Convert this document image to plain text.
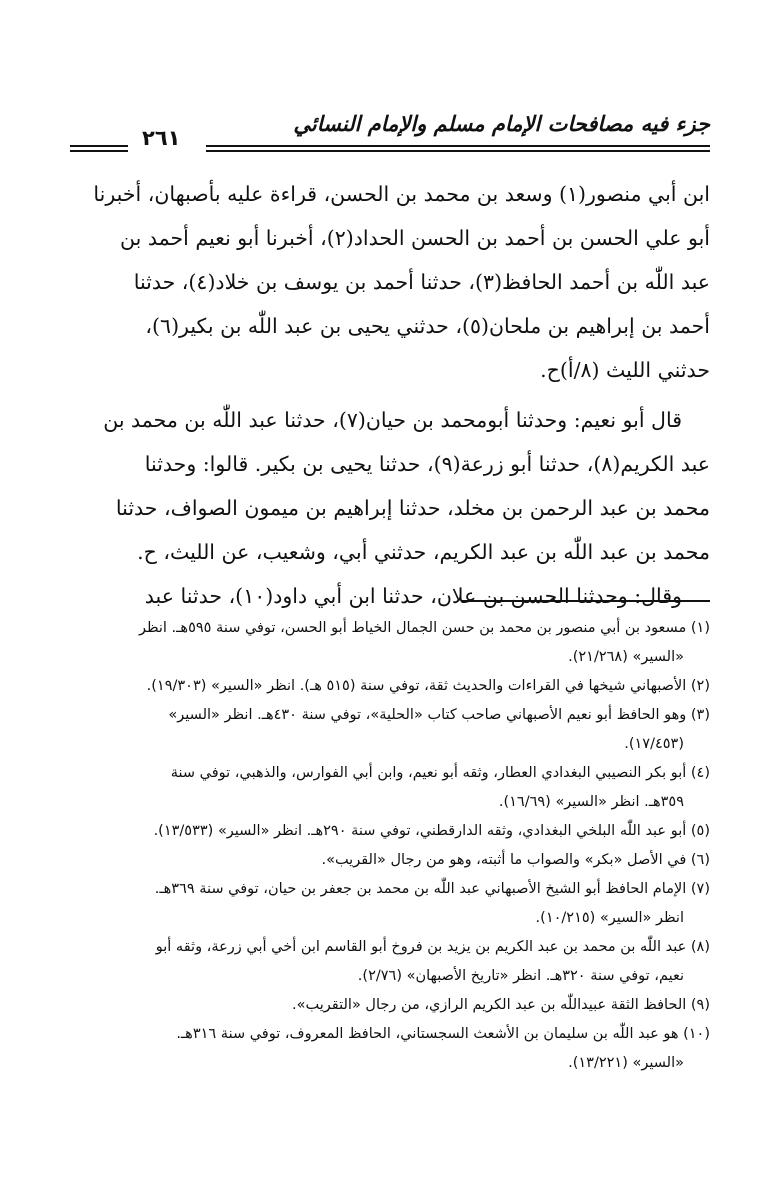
جزء فيه مصافحات الإمام مسلم والإمام النسائي
٢٦١
ابن أبي منصور(١) وسعد بن محمد بن الحسن، قراءة عليه بأصبهان، أخبرنا
أبو علي الحسن بن أحمد بن الحسن الحداد(٢)، أخبرنا أبو نعيم أحمد بن
عبد اللّٰه بن أحمد الحافظ(٣)، حدثنا أحمد بن يوسف بن خلاد(٤)، حدثنا
أحمد بن إبراهيم بن ملحان(٥)، حدثني يحيى بن عبد اللّٰه بن بكير(٦)،
حدثني الليث (٨/أ)ح.
قال أبو نعيم: وحدثنا أبومحمد بن حيان(٧)، حدثنا عبد اللّٰه بن محمد بن
عبد الكريم(٨)، حدثنا أبو زرعة(٩)، حدثنا يحيى بن بكير. قالوا: وحدثنا
محمد بن عبد الرحمن بن مخلد، حدثنا إبراهيم بن ميمون الصواف، حدثنا
محمد بن عبد اللّٰه بن عبد الكريم، حدثني أبي، وشعيب، عن الليث، ح.
وقال: وحدثنا الحسن بن علان، حدثنا ابن أبي داود(١٠)، حدثنا عبد
(١) مسعود بن أبي منصور بن محمد بن حسن الجمال الخياط أبو الحسن، توفي سنة ٥٩٥هـ. انظر
«السير» (٢١/٢٦٨).
(٢) الأصبهاني شيخها في القراءات والحديث ثقة، توفي سنة (٥١٥ هـ). انظر «السير» (١٩/٣٠٣).
(٣) وهو الحافظ أبو نعيم الأصبهاني صاحب كتاب «الحلية»، توفي سنة ٤٣٠هـ. انظر «السير»
(١٧/٤٥٣).
(٤) أبو بكر النصيبي البغدادي العطار، وثقه أبو نعيم، وابن أبي الفوارس، والذهبي، توفي سنة
٣٥٩هـ. انظر «السير» (١٦/٦٩).
(٥) أبو عبد اللّٰه البلخي البغدادي، وثقه الدارقطني، توفي سنة ٢٩٠هـ. انظر «السير» (١٣/٥٣٣).
(٦) في الأصل «بكر» والصواب ما أثبته، وهو من رجال «القريب».
(٧) الإمام الحافظ أبو الشيخ الأصبهاني عبد اللّٰه بن محمد بن جعفر بن حيان، توفي سنة ٣٦٩هـ.
انظر «السير» (١٠/٢١٥).
(٨) عبد اللّٰه بن محمد بن عبد الكريم بن يزيد بن فروخ أبو القاسم ابن أخي أبي زرعة، وثقه أبو
نعيم، توفي سنة ٣٢٠هـ. انظر «تاريخ الأصبهان» (٢/٧٦).
(٩) الحافظ الثقة عبيداللّٰه بن عبد الكريم الرازي، من رجال «التقريب».
(١٠) هو عبد اللّٰه بن سليمان بن الأشعث السجستاني، الحافظ المعروف، توفي سنة ٣١٦هـ.
«السير» (١٣/٢٢١).
